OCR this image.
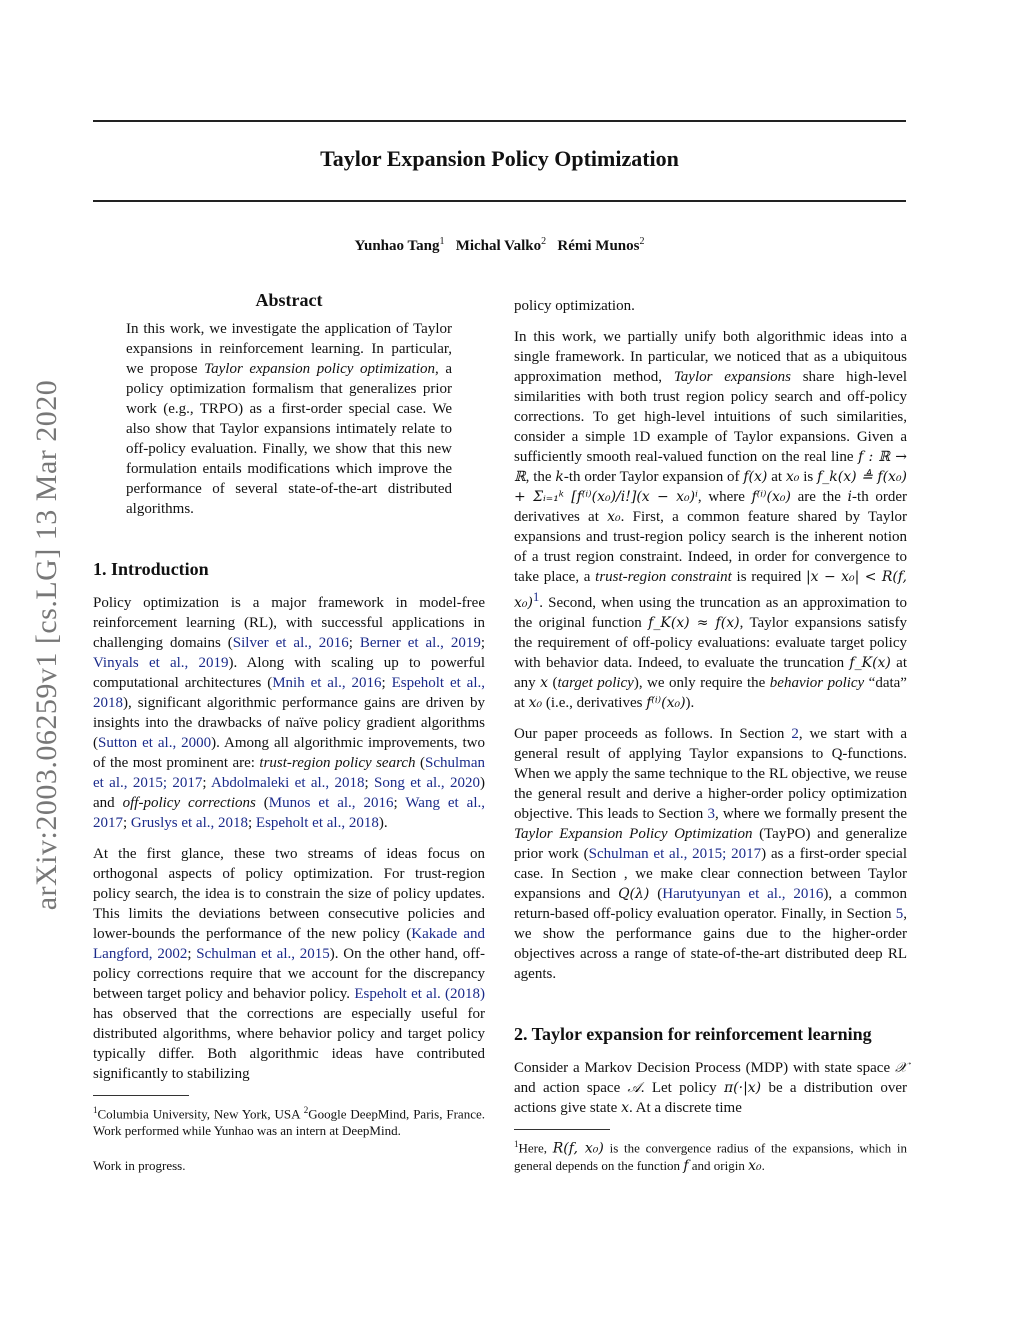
Taylor Expansion Policy Optimization
Yunhao Tang$^1$ Michal Valko$^2$ Rémi Munos$^2$
arXiv:2003.06259v1 [cs.LG] 13 Mar 2020
Abstract

In this work, we investigate the application of Taylor expansions in reinforcement learning. In particular, we propose Taylor expansion policy optimization, a policy optimization formalism that generalizes prior work (e.g., TRPO) as a first-order special case. We also show that Taylor expansions intimately relate to off-policy evaluation. Finally, we show that this new formulation entails modifications which improve the performance of several state-of-the-art distributed algorithms.

1. Introduction

Policy optimization is a major framework in model-free reinforcement learning (RL), with successful applications in challenging domains (Silver et al., 2016; Berner et al., 2019; Vinyals et al., 2019). Along with scaling up to powerful computational architectures (Mnih et al., 2016; Espeholt et al., 2018), significant algorithmic performance gains are driven by insights into the drawbacks of naïve policy gradient algorithms (Sutton et al., 2000). Among all algorithmic improvements, two of the most prominent are: trust-region policy search (Schulman et al., 2015; 2017; Abdolmaleki et al., 2018; Song et al., 2020) and off-policy corrections (Munos et al., 2016; Wang et al., 2017; Gruslys et al., 2018; Espeholt et al., 2018).

At the first glance, these two streams of ideas focus on orthogonal aspects of policy optimization. For trust-region policy search, the idea is to constrain the size of policy updates. This limits the deviations between consecutive policies and lower-bounds the performance of the new policy (Kakade and Langford, 2002; Schulman et al., 2015). On the other hand, off-policy corrections require that we account for the discrepancy between target policy and behavior policy. Espeholt et al. (2018) has observed that the corrections are especially useful for distributed algorithms, where behavior policy and target policy typically differ. Both algorithmic ideas have contributed significantly to stabilizing

$^1$Columbia University, New York, USA $^2$Google DeepMind, Paris, France. Work performed while Yunhao was an intern at DeepMind.

Work in progress.

policy optimization.

In this work, we partially unify both algorithmic ideas into a single framework. In particular, we noticed that as a ubiquitous approximation method, Taylor expansions share high-level similarities with both trust region policy search and off-policy corrections. To get high-level intuitions of such similarities, consider a simple 1D example of Taylor expansions. Given a sufficiently smooth real-valued function on the real line f : ℝ → ℝ, the k-th order Taylor expansion of f(x) at x₀ is f_k(x) ≜ f(x₀) + Σᵢ₌₁ᵏ [f⁽ⁱ⁾(x₀)/i!](x − x₀)ⁱ, where f⁽ⁱ⁾(x₀) are the i-th order derivatives at x₀. First, a common feature shared by Taylor expansions and trust-region policy search is the inherent notion of a trust region constraint. Indeed, in order for convergence to take place, a trust-region constraint is required |x − x₀| < R(f, x₀)$^1$. Second, when using the truncation as an approximation to the original function f_K(x) ≈ f(x), Taylor expansions satisfy the requirement of off-policy evaluations: evaluate target policy with behavior data. Indeed, to evaluate the truncation f_K(x) at any x (target policy), we only require the behavior policy “data” at x₀ (i.e., derivatives f⁽ⁱ⁾(x₀)).

Our paper proceeds as follows. In Section 2, we start with a general result of applying Taylor expansions to Q-functions. When we apply the same technique to the RL objective, we reuse the general result and derive a higher-order policy optimization objective. This leads to Section 3, where we formally present the Taylor Expansion Policy Optimization (TayPO) and generalize prior work (Schulman et al., 2015; 2017) as a first-order special case. In Section , we make clear connection between Taylor expansions and Q(λ) (Harutyunyan et al., 2016), a common return-based off-policy evaluation operator. Finally, in Section 5, we show the performance gains due to the higher-order objectives across a range of state-of-the-art distributed deep RL agents.

2. Taylor expansion for reinforcement learning

Consider a Markov Decision Process (MDP) with state space 𝒳 and action space 𝒜. Let policy π(·|x) be a distribution over actions give state x. At a discrete time

$^1$Here, R(f, x₀) is the convergence radius of the expansions, which in general depends on the function f and origin x₀.
